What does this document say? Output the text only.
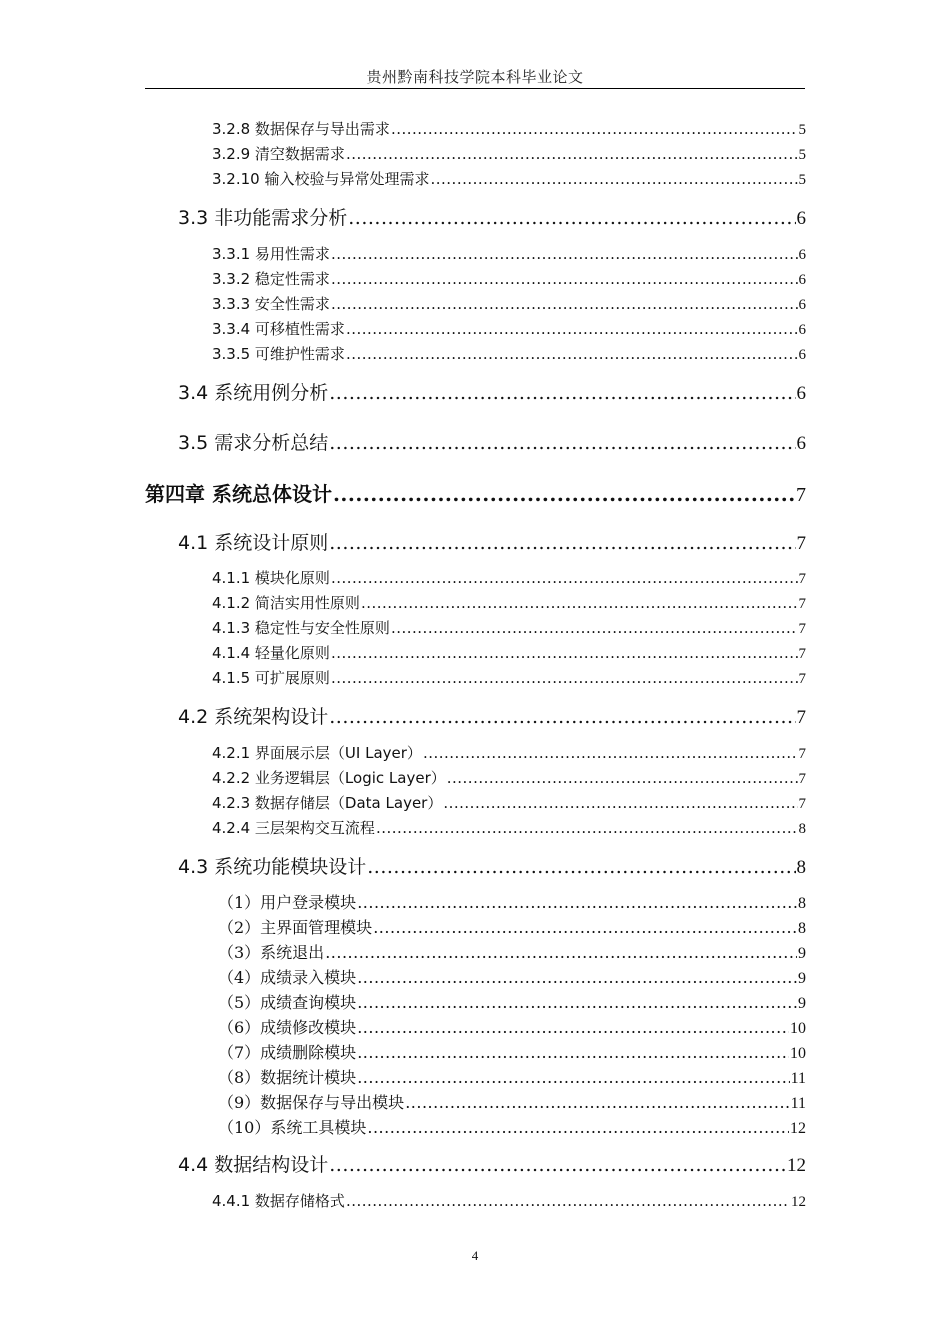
贵州黔南科技学院本科毕业论文
3.2.8 数据保存与导出需求 .....	5
3.2.9 清空数据需求 .....	5
3.2.10 输入校验与异常处理需求 .....	5
3.3 非功能需求分析 .....	6
3.3.1 易用性需求 .....	6
3.3.2 稳定性需求 .....	6
3.3.3 安全性需求 .....	6
3.3.4 可移植性需求 .....	6
3.3.5 可维护性需求 .....	6
3.4 系统用例分析 .....	6
3.5 需求分析总结 .....	6
第四章 系统总体设计 .....	7
4.1 系统设计原则 .....	7
4.1.1 模块化原则 .....	7
4.1.2 简洁实用性原则 .....	7
4.1.3 稳定性与安全性原则 .....	7
4.1.4 轻量化原则 .....	7
4.1.5 可扩展原则 .....	7
4.2 系统架构设计 .....	7
4.2.1 界面展示层（UI Layer） .....	7
4.2.2 业务逻辑层（Logic Layer） .....	7
4.2.3 数据存储层（Data Layer） .....	7
4.2.4 三层架构交互流程 .....	8
4.3 系统功能模块设计 .....	8
（1）用户登录模块 .....	8
（2）主界面管理模块 .....	8
（3）系统退出 .....	9
（4）成绩录入模块 .....	9
（5）成绩查询模块 .....	9
（6）成绩修改模块 .....	10
（7）成绩删除模块 .....	10
（8）数据统计模块 .....	11
（9）数据保存与导出模块 .....	11
（10）系统工具模块 .....	12
4.4 数据结构设计 .....	12
4.4.1 数据存储格式 .....	12
4
